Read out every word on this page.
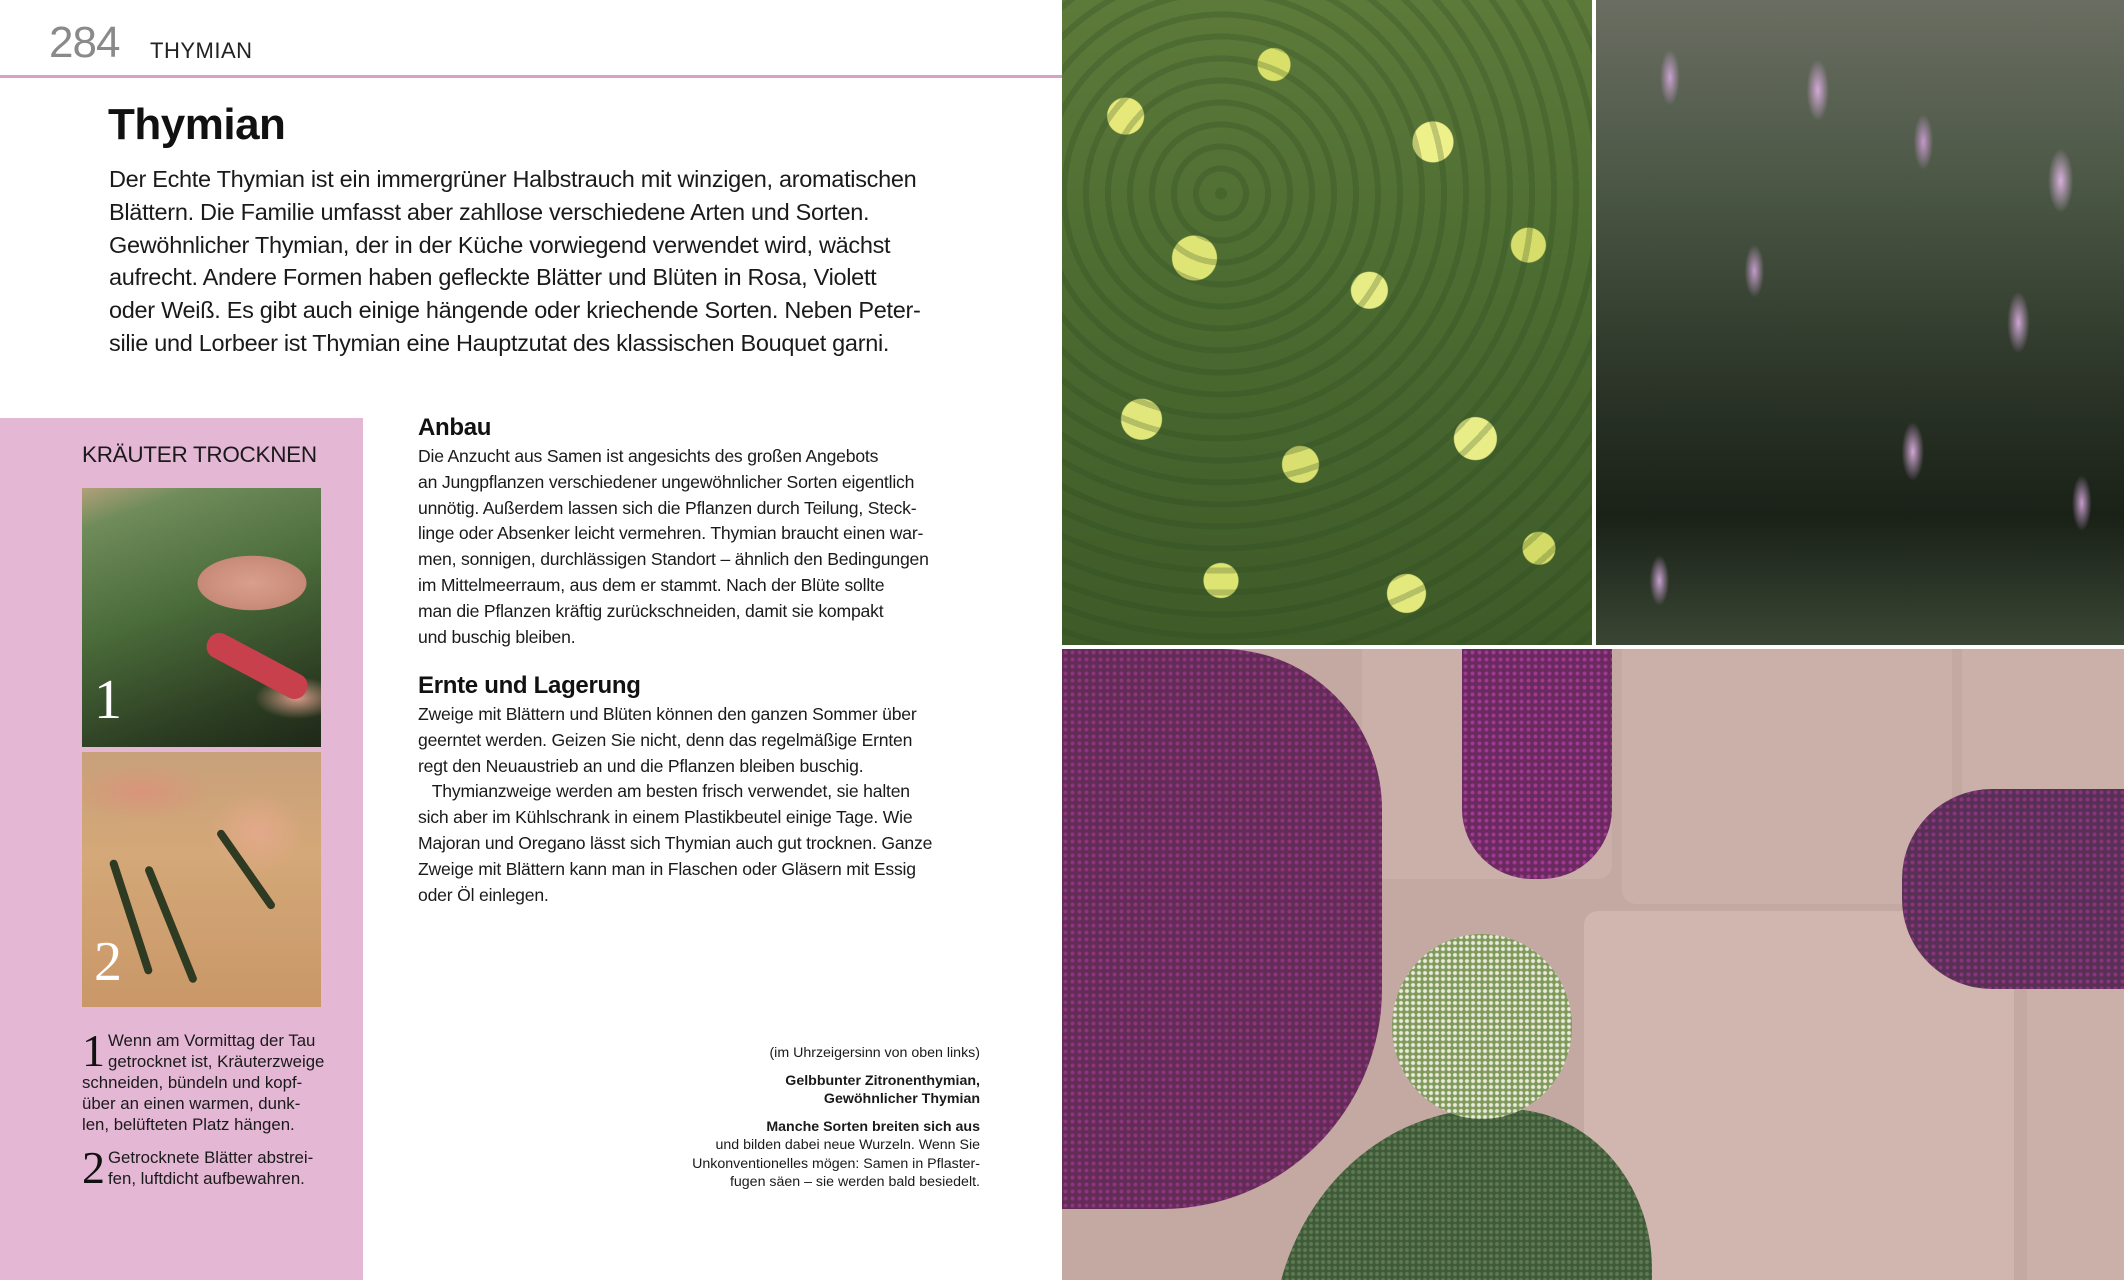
284 THYMIAN
Thymian
Der Echte Thymian ist ein immergrüner Halbstrauch mit winzigen, aromatischen
Blättern. Die Familie umfasst aber zahllose verschiedene Arten und Sorten.
Gewöhnlicher Thymian, der in der Küche vorwiegend verwendet wird, wächst
aufrecht. Andere Formen haben gefleckte Blätter und Blüten in Rosa, Violett
oder Weiß. Es gibt auch einige hängende oder kriechende Sorten. Neben Peter-
silie und Lorbeer ist Thymian eine Hauptzutat des klassischen Bouquet garni.
KRÄUTER TROCKNEN
1
2
1 Wenn am Vormittag der Tau
getrocknet ist, Kräuterzweige
schneiden, bündeln und kopf-
über an einen warmen, dunk-
len, belüfteten Platz hängen.
2 Getrocknete Blätter abstrei-
fen, luftdicht aufbewahren.
Anbau
Die Anzucht aus Samen ist angesichts des großen Angebots
an Jungpflanzen verschiedener ungewöhnlicher Sorten eigentlich
unnötig. Außerdem lassen sich die Pflanzen durch Teilung, Steck-
linge oder Absenker leicht vermehren. Thymian braucht einen war-
men, sonnigen, durchlässigen Standort – ähnlich den Bedingungen
im Mittelmeerraum, aus dem er stammt. Nach der Blüte sollte
man die Pflanzen kräftig zurückschneiden, damit sie kompakt
und buschig bleiben.
Ernte und Lagerung
Zweige mit Blättern und Blüten können den ganzen Sommer über
geerntet werden. Geizen Sie nicht, denn das regelmäßige Ernten
regt den Neuaustrieb an und die Pflanzen bleiben buschig.
Thymianzweige werden am besten frisch verwendet, sie halten
sich aber im Kühlschrank in einem Plastikbeutel einige Tage. Wie
Majoran und Oregano lässt sich Thymian auch gut trocknen. Ganze
Zweige mit Blättern kann man in Flaschen oder Gläsern mit Essig
oder Öl einlegen.
(im Uhrzeigersinn von oben links)
Gelbbunter Zitronenthymian,
Gewöhnlicher Thymian
Manche Sorten breiten sich aus
und bilden dabei neue Wurzeln. Wenn Sie
Unkonventionelles mögen: Samen in Pflaster-
fugen säen – sie werden bald besiedelt.
